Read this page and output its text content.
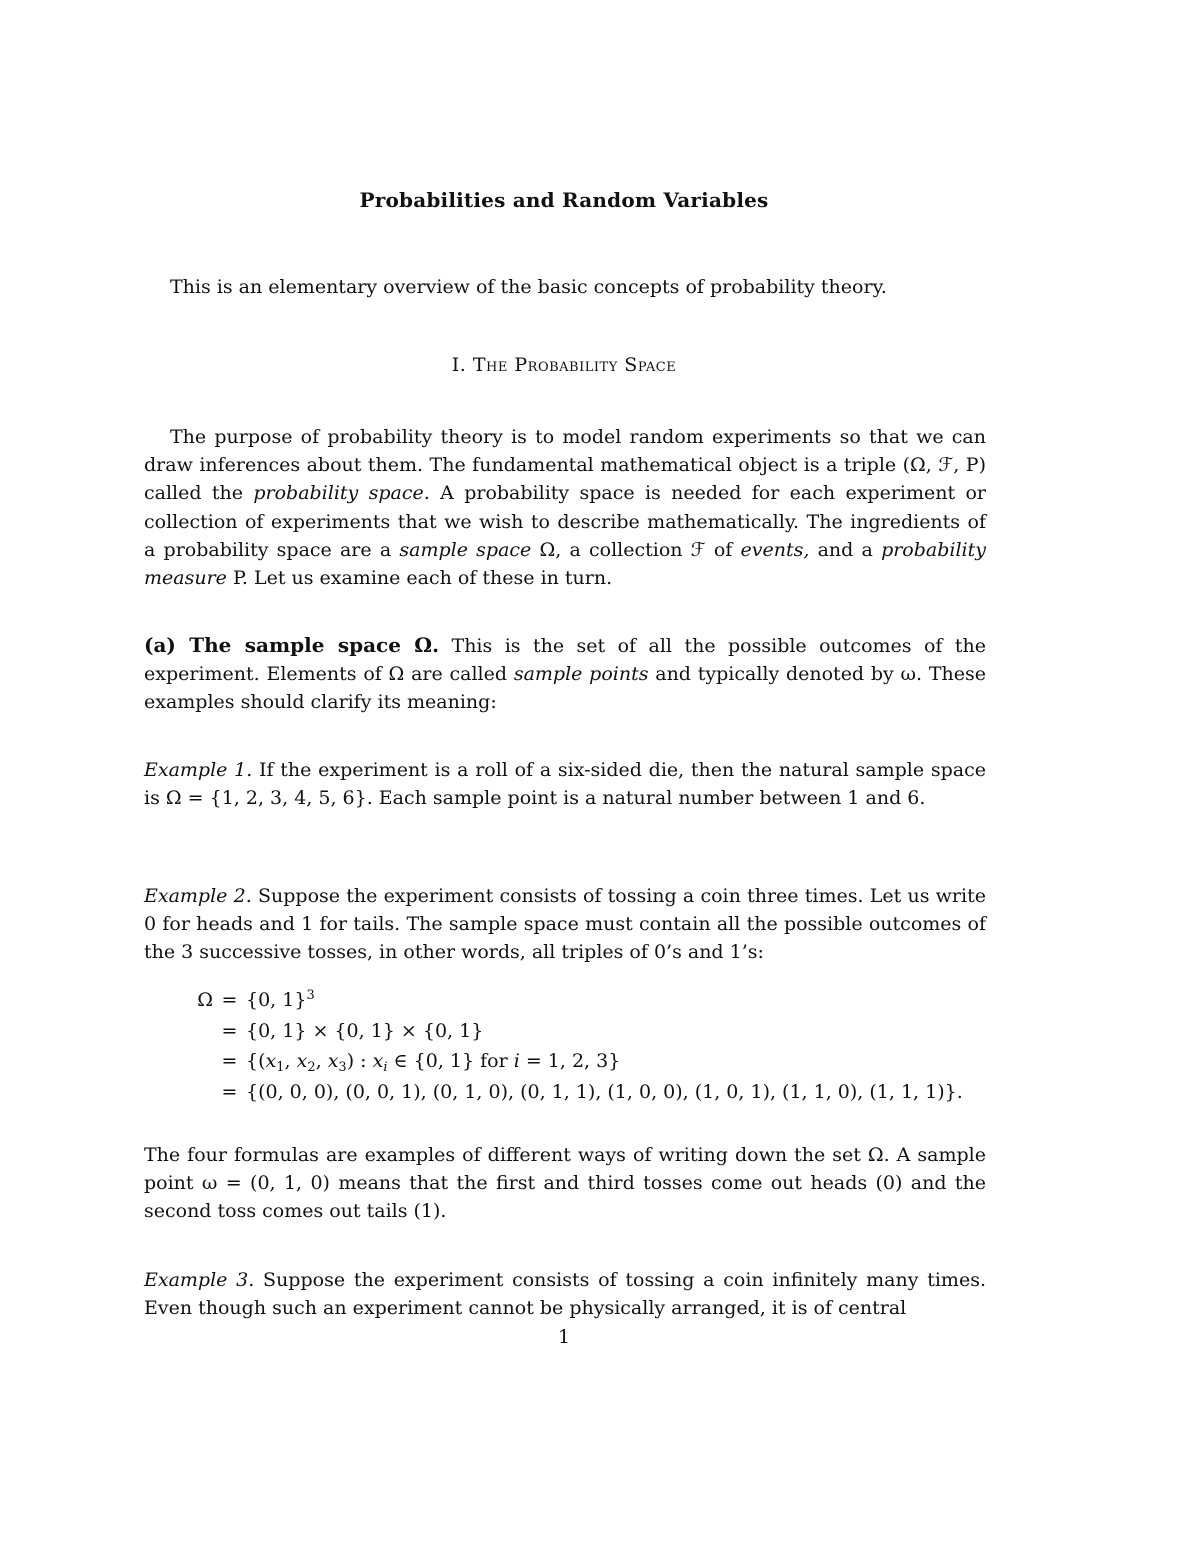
Probabilities and Random Variables
This is an elementary overview of the basic concepts of probability theory.
I. The Probability Space
The purpose of probability theory is to model random experiments so that we can draw inferences about them. The fundamental mathematical object is a triple (Ω, ℱ, P) called the probability space. A probability space is needed for each experiment or collection of experiments that we wish to describe mathematically. The ingredients of a probability space are a sample space Ω, a collection ℱ of events, and a probability measure P. Let us examine each of these in turn.
(a) The sample space Ω. This is the set of all the possible outcomes of the experiment. Elements of Ω are called sample points and typically denoted by ω. These examples should clarify its meaning:
Example 1. If the experiment is a roll of a six-sided die, then the natural sample space is Ω = {1, 2, 3, 4, 5, 6}. Each sample point is a natural number between 1 and 6.
Example 2. Suppose the experiment consists of tossing a coin three times. Let us write 0 for heads and 1 for tails. The sample space must contain all the possible outcomes of the 3 successive tosses, in other words, all triples of 0’s and 1’s:
Ω = {0, 1}$^3$
= {0, 1} × {0, 1} × {0, 1}
= {($x_1$, $x_2$, $x_3$) : $x_i$ ∈ {0, 1} for i = 1, 2, 3}
= {(0, 0, 0), (0, 0, 1), (0, 1, 0), (0, 1, 1), (1, 0, 0), (1, 0, 1), (1, 1, 0), (1, 1, 1)}.
The four formulas are examples of different ways of writing down the set Ω. A sample point ω = (0, 1, 0) means that the first and third tosses come out heads (0) and the second toss comes out tails (1).
Example 3. Suppose the experiment consists of tossing a coin infinitely many times. Even though such an experiment cannot be physically arranged, it is of central
1
